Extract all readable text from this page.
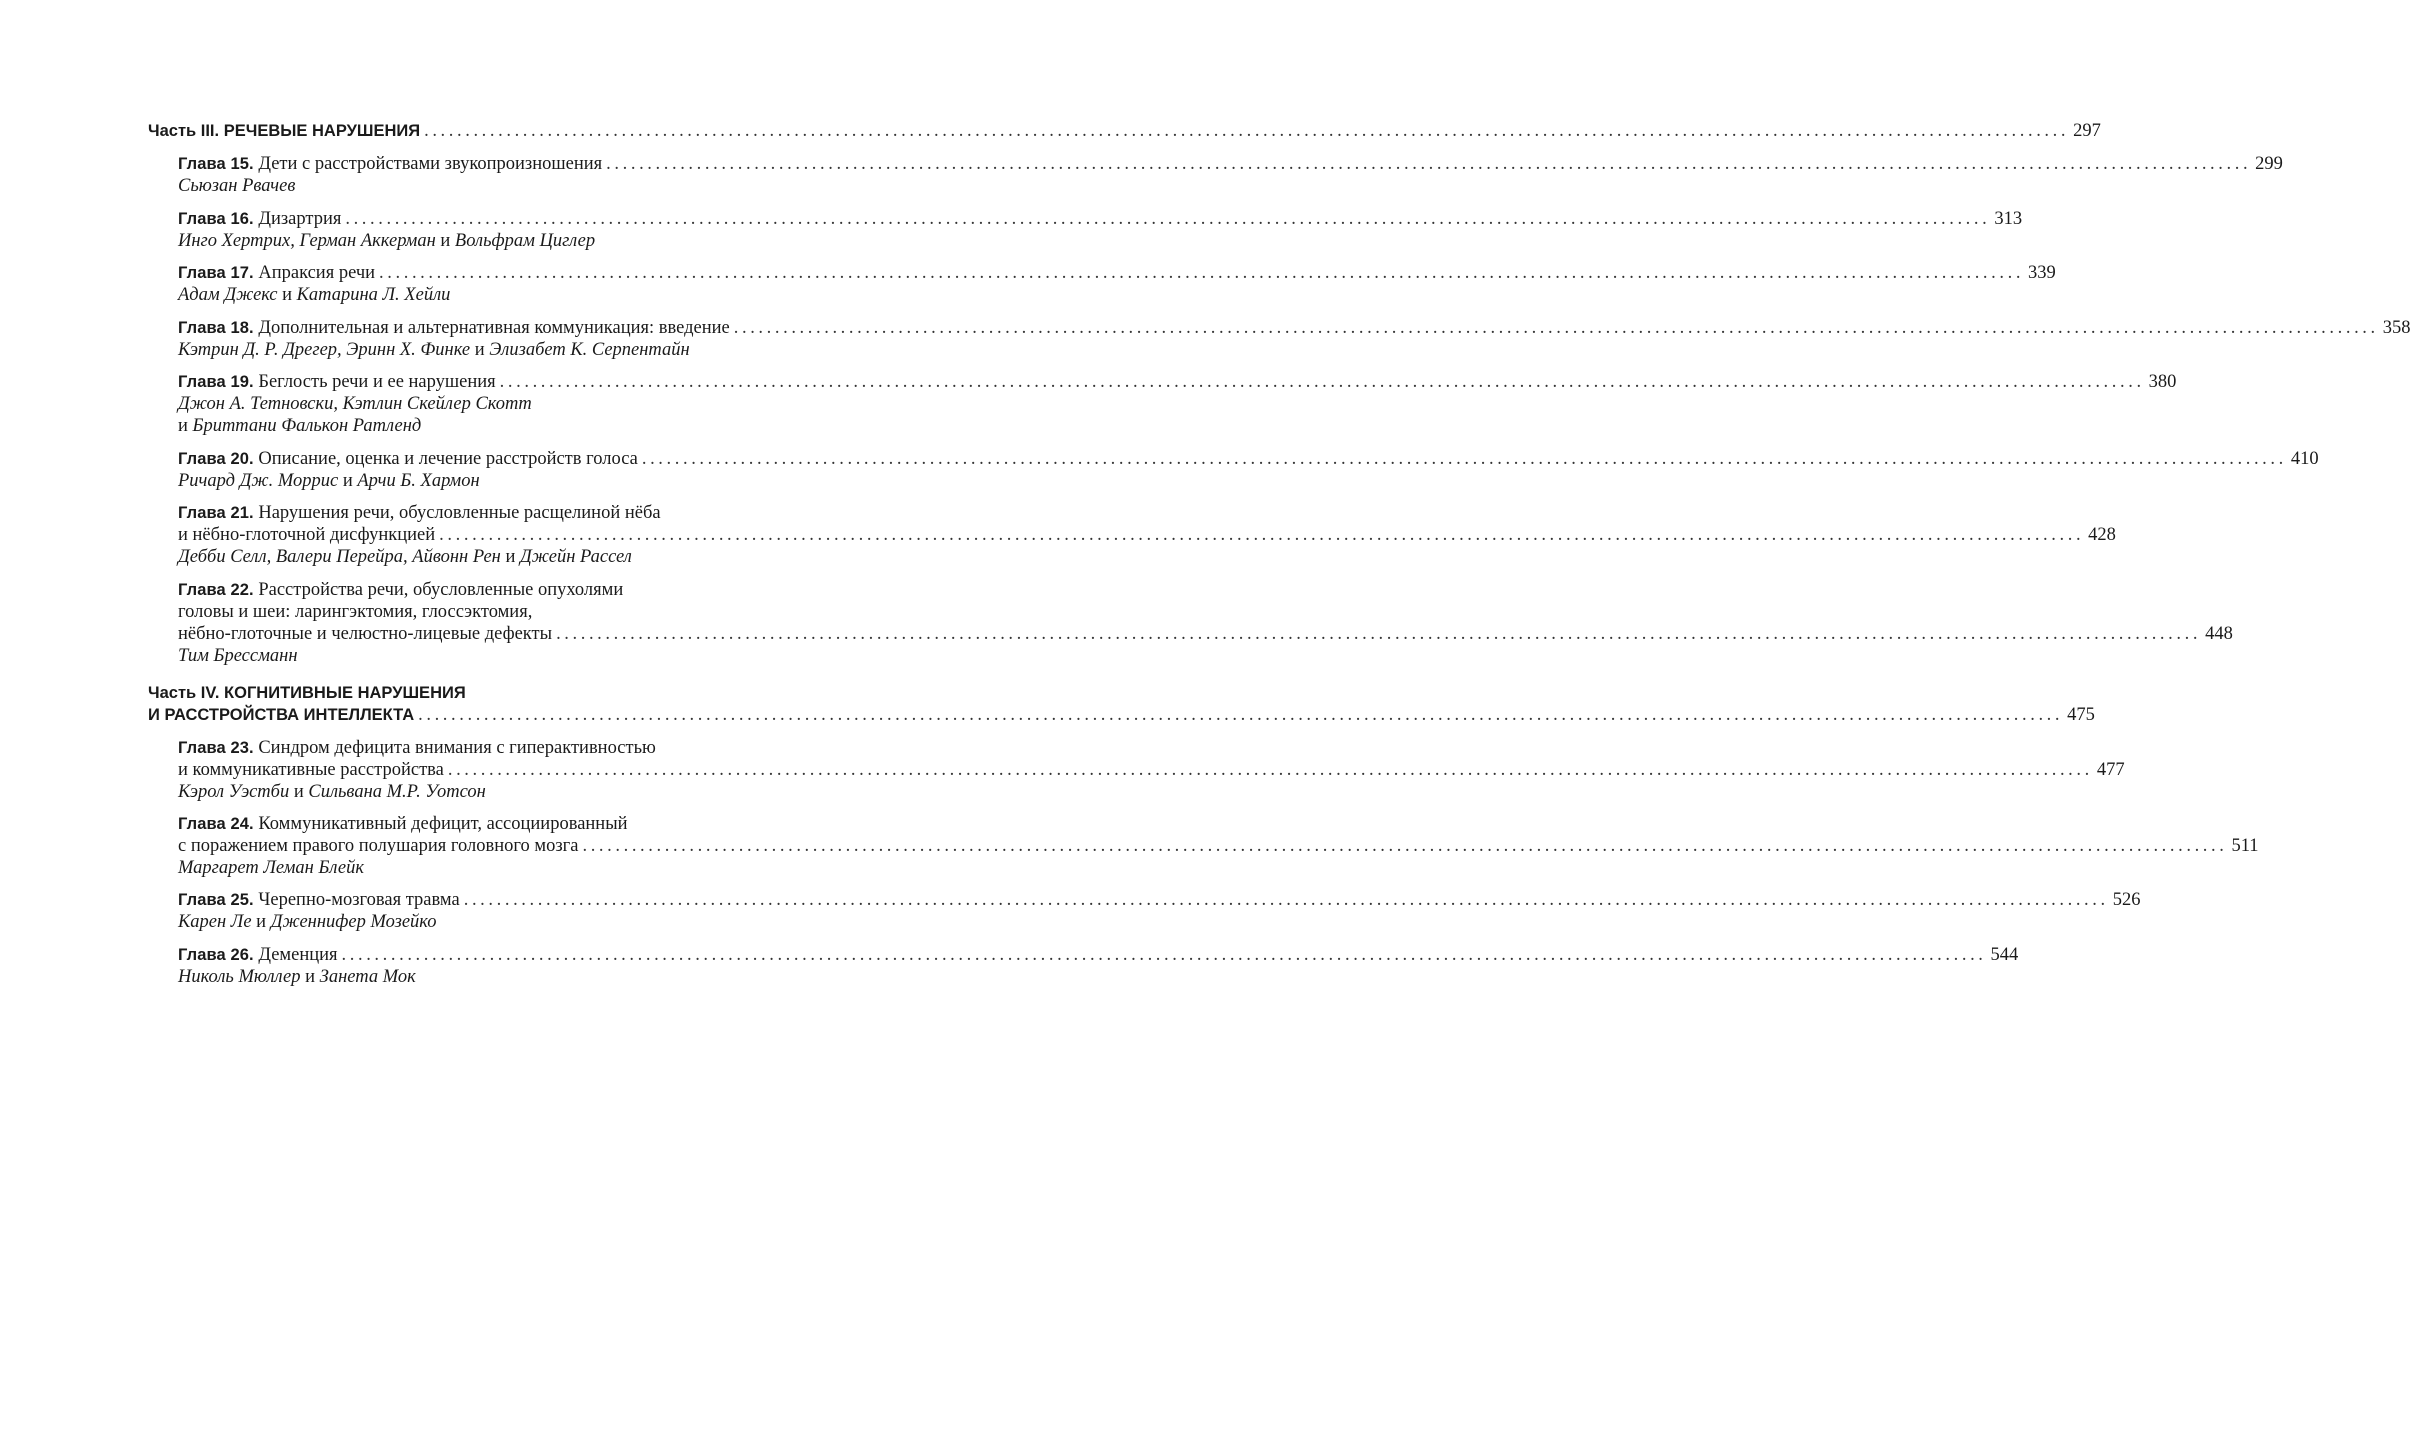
Часть III.
РЕЧЕВЫЕ НАРУШЕНИЯ ........................................................................................................................................................................................................ 297
Глава 15.
Дети с расстройствами звукопроизношения ........................................................................................................................................................................................................ 299
Сьюзан Рвачев
Глава 16.
Дизартрия ........................................................................................................................................................................................................ 313
Инго Хертрих, Герман Аккерман и Вольфрам Циглер
Глава 17.
Апраксия речи ........................................................................................................................................................................................................ 339
Адам Джекс и Катарина Л. Хейли
Глава 18.
Дополнительная и альтернативная коммуникация: введение ........................................................................................................................................................................................................ 358
Кэтрин Д. Р. Дрегер, Эринн Х. Финке и Элизабет К. Серпентайн
Глава 19.
Беглость речи и ее нарушения ........................................................................................................................................................................................................ 380
Джон А. Тетновски, Кэтлин Скейлер Скотт
и Бриттани Фалькон Ратленд
Глава 20.
Описание, оценка и лечение расстройств голоса ........................................................................................................................................................................................................ 410
Ричард Дж. Моррис и Арчи Б. Хармон
Глава 21. Нарушения речи, обусловленные расщелиной нёба
и нёбно-глоточной дисфункцией ........................................................................................................................................................................................................ 428
Дебби Селл, Валери Перейра, Айвонн Рен и Джейн Рассел
Глава 22. Расстройства речи, обусловленные опухолями
головы и шеи: ларингэктомия, глоссэктомия,
нёбно-глоточные и челюстно-лицевые дефекты ........................................................................................................................................................................................................ 448
Тим Брессманн
Часть IV. КОГНИТИВНЫЕ НАРУШЕНИЯ
И РАССТРОЙСТВА ИНТЕЛЛЕКТА ........................................................................................................................................................................................................ 475
Глава 23. Синдром дефицита внимания с гиперактивностью
и коммуникативные расстройства ........................................................................................................................................................................................................ 477
Кэрол Уэстби и Сильвана М.Р. Уотсон
Глава 24. Коммуникативный дефицит, ассоциированный
с поражением правого полушария головного мозга ........................................................................................................................................................................................................ 511
Маргарет Леман Блейк
Глава 25.
Черепно-мозговая травма ........................................................................................................................................................................................................ 526
Карен Ле и Дженнифер Мозейко
Глава 26.
Деменция ........................................................................................................................................................................................................ 544
Николь Мюллер и Занета Мок
